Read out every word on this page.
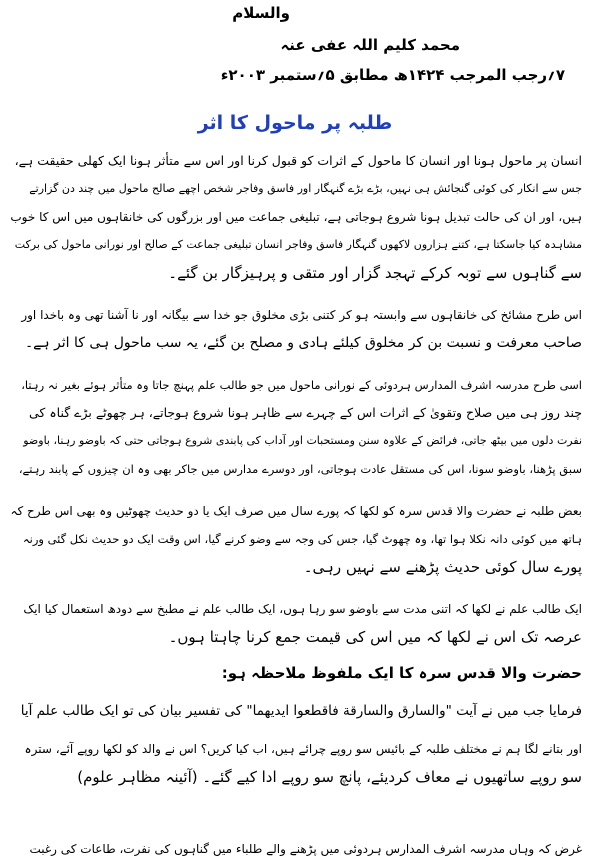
والسلام
محمد کلیم اللہ عفی عنہ
۷؍رجب المرجب ۱۴۲۴ھ مطابق ۵؍ستمبر ۲۰۰۳ء
طلبہ پر ماحول کا اثر
انسان پر ماحول ہونا اور انسان کا ماحول کے اثرات کو قبول کرنا اور اس سے متأثر ہونا ایک کھلی حقیقت ہے،
جس سے انکار کی کوئی گنجائش ہی نہیں، بڑے بڑے گنہگار اور فاسق وفاجر شخص اچھے صالح ماحول میں چند دن گزارتے
ہیں، اور ان کی حالت تبدیل ہونا شروع ہوجاتی ہے، تبلیغی جماعت میں اور بزرگوں کی خانقاہوں میں اس کا خوب
مشاہدہ کیا جاسکتا ہے، کتنے ہزاروں لاکھوں گنہگار فاسق وفاجر انسان تبلیغی جماعت کے صالح اور نورانی ماحول کی برکت
سے گناہوں سے توبہ کرکے تہجد گزار اور متقی و پرہیزگار بن گئے۔
اس طرح مشائخ کی خانقاہوں سے وابستہ ہو کر کتنی بڑی مخلوق جو خدا سے بیگانہ اور نا آشنا تھی وہ باخدا اور
صاحب معرفت و نسبت بن کر مخلوق کیلئے ہادی و مصلح بن گئے، یہ سب ماحول ہی کا اثر ہے۔
اسی طرح مدرسہ اشرف المدارس ہردوئی کے نورانی ماحول میں جو طالب علم پہنچ جاتا وہ متأثر ہوئے بغیر نہ رہتا،
چند روز ہی میں صلاح وتقویٰ کے اثرات اس کے چہرے سے ظاہر ہونا شروع ہوجاتے، ہر چھوٹے بڑے گناہ کی
نفرت دلوں میں بیٹھ جاتی، فرائض کے علاوہ سنن ومستحبات اور آداب کی پابندی شروع ہوجاتی حتی کہ باوضو رہنا، باوضو
سبق پڑھنا، باوضو سونا، اس کی مستقل عادت ہوجاتی، اور دوسرے مدارس میں جاکر بھی وہ ان چیزوں کے پابند رہتے،
بعض طلبہ نے حضرت والا قدس سرہ کو لکھا کہ پورے سال میں صرف ایک یا دو حدیث چھوٹیں وہ بھی اس طرح کہ
ہاتھ میں کوئی دانہ نکلا ہوا تھا، وہ چھوٹ گیا، جس کی وجہ سے وضو کرنے گیا، اس وقت ایک دو حدیث نکل گئی ورنہ
پورے سال کوئی حدیث پڑھنے سے نہیں رہی۔
ایک طالب علم نے لکھا کہ اتنی مدت سے باوضو سو رہا ہوں، ایک طالب علم نے مطبخ سے دودھ استعمال کیا ایک
عرصہ تک اس نے لکھا کہ میں اس کی قیمت جمع کرنا چاہتا ہوں۔
حضرت والا قدس سرہ کا ایک ملفوظ ملاحظہ ہو:
فرمایا جب میں نے آیت "والسارق والسارقة فاقطعوا ایدیهما" کی تفسیر بیان کی تو ایک طالب علم آیا
اور بتانے لگا ہم نے مختلف طلبہ کے بائیس سو روپے چرائے ہیں، اب کیا کریں؟ اس نے والد کو لکھا روپے آئے، سترہ
سو روپے ساتھیوں نے معاف کردیئے، پانچ سو روپے ادا کیے گئے۔ (آئینہ مظاہر علوم)
غرض کہ وہاں مدرسہ اشرف المدارس ہردوئی میں پڑھنے والے طلباء میں گناہوں کی نفرت، طاعات کی رغبت
